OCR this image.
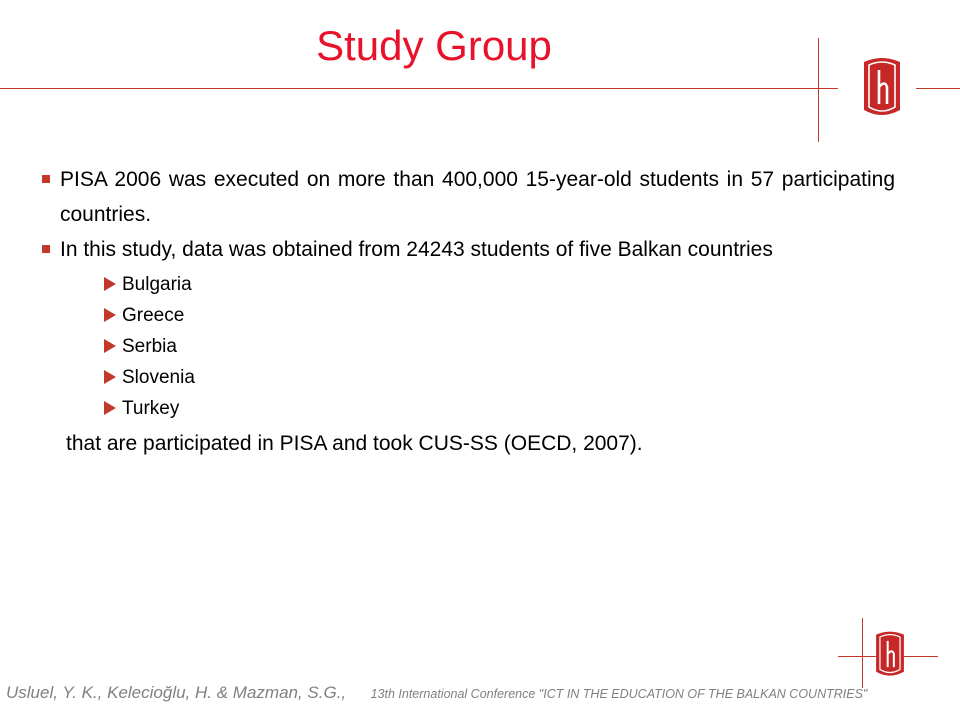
Study Group
PISA 2006 was executed on more than 400,000 15-year-old students in 57 participating countries.
In this study, data was obtained from 24243 students of five Balkan countries
Bulgaria
Greece
Serbia
Slovenia
Turkey
that are participated in PISA and took CUS-SS (OECD, 2007).
Usluel, Y. K., Kelecioğlu, H. & Mazman, S.G., 13th International Conference "ICT IN THE EDUCATION OF THE BALKAN COUNTRIES"
